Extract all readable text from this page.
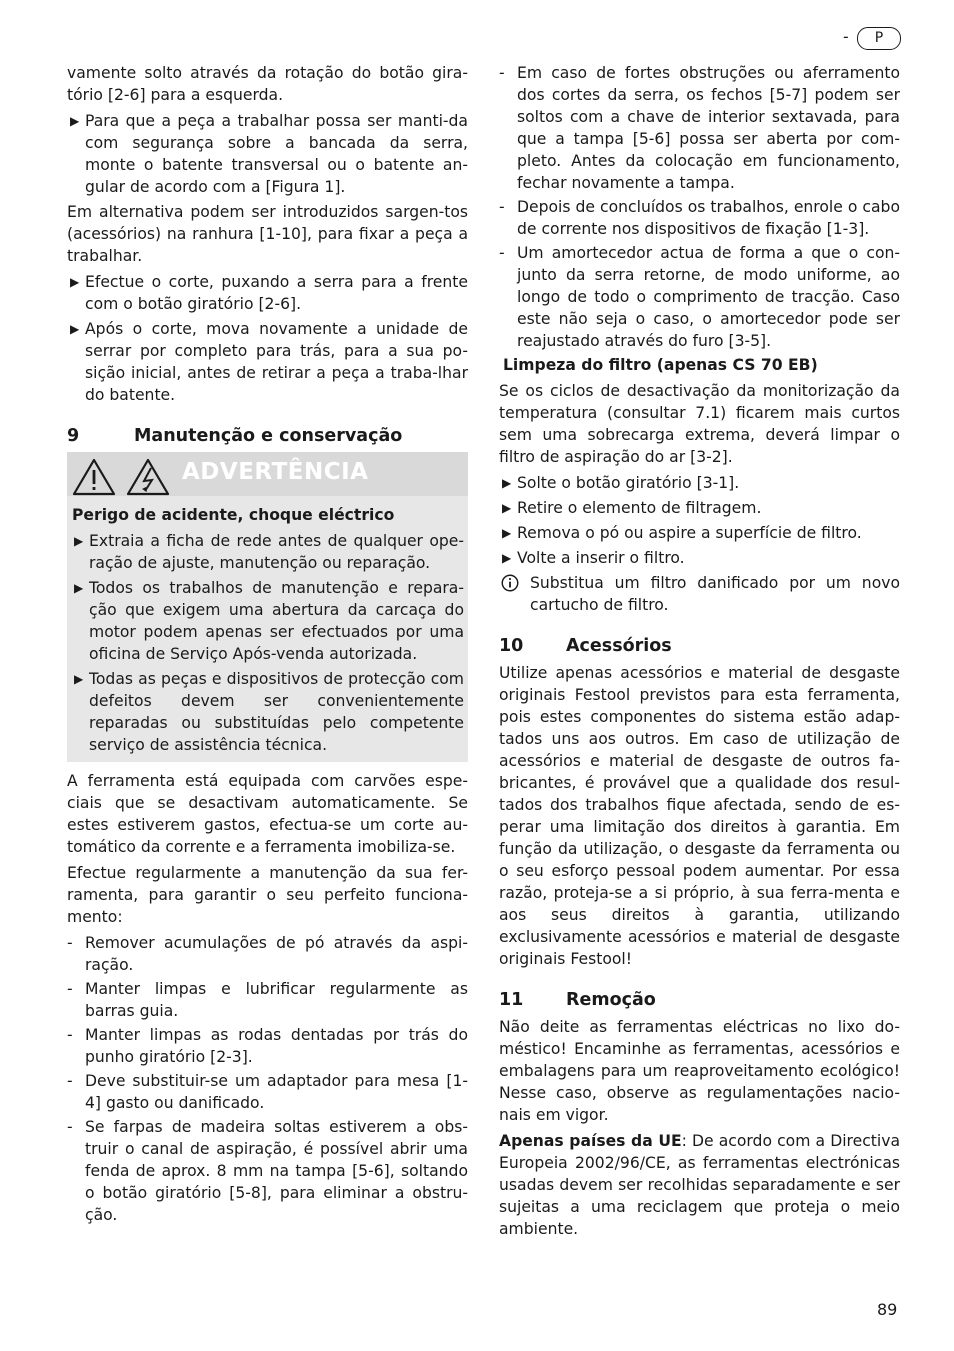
-	P

vamente solto através da rotação do botão gira-tório [2-6] para a esquerda.

▶ Para que a peça a trabalhar possa ser manti-da com segurança sobre a bancada da serra, monte o batente transversal ou o batente an-gular de acordo com a [Figura 1].

Em alternativa podem ser introduzidos sargen-tos (acessórios) na ranhura [1-10], para fixar a peça a trabalhar.

▶ Efectue o corte, puxando a serra para a frente com o botão giratório [2-6].
▶ Após o corte, mova novamente a unidade de serrar por completo para trás, para a sua po-sição inicial, antes de retirar a peça a traba-lhar do batente.
9	Manutenção e conservação
ADVERTÊNCIA
Perigo de acidente, choque eléctrico
▶ Extraia a ficha de rede antes de qualquer ope-ração de ajuste, manutenção ou reparação.
▶ Todos os trabalhos de manutenção e repara-ção que exigem uma abertura da carcaça do motor podem apenas ser efectuados por uma oficina de Serviço Após-venda autorizada.
▶ Todas as peças e dispositivos de protecção com defeitos devem ser convenientemente reparadas ou substituídas pelo competente serviço de assistência técnica.

A ferramenta está equipada com carvões espe-ciais que se desactivam automaticamente. Se estes estiverem gastos, efectua-se um corte au-tomático da corrente e a ferramenta imobiliza-se.

Efectue regularmente a manutenção da sua fer-ramenta, para garantir o seu perfeito funciona-mento:

- Remover acumulações de pó através da aspi-ração.
- Manter limpas e lubrificar regularmente as barras guia.
- Manter limpas as rodas dentadas por trás do punho giratório [2-3].
- Deve substituir-se um adaptador para mesa [1-4] gasto ou danificado.
- Se farpas de madeira soltas estiverem a obs-truir o canal de aspiração, é possível abrir uma fenda de aprox. 8 mm na tampa [5-6], soltando o botão giratório [5-8], para eliminar a obstru-ção.
- Em caso de fortes obstruções ou aferramento dos cortes da serra, os fechos [5-7] podem ser soltos com a chave de interior sextavada, para que a tampa [5-6] possa ser aberta por com-pleto. Antes da colocação em funcionamento, fechar novamente a tampa.
- Depois de concluídos os trabalhos, enrole o cabo de corrente nos dispositivos de fixação [1-3].
- Um amortecedor actua de forma a que o con-junto da serra retorne, de modo uniforme, ao longo de todo o comprimento de tracção. Caso este não seja o caso, o amortecedor pode ser reajustado através do furo [3-5].
Limpeza do filtro (apenas CS 70 EB)

Se os ciclos de desactivação da monitorização da temperatura (consultar 7.1) ficarem mais curtos sem uma sobrecarga extrema, deverá limpar o filtro de aspiração do ar [3-2].

▶ Solte o botão giratório [3-1].
▶ Retire o elemento de filtragem.
▶ Remova o pó ou aspire a superfície de filtro.
▶ Volte a inserir o filtro.
Substitua um filtro danificado por um novo cartucho de filtro.
10 Acessórios

Utilize apenas acessórios e material de desgaste originais Festool previstos para esta ferramenta, pois estes componentes do sistema estão adap-tados uns aos outros. Em caso de utilização de acessórios e material de desgaste de outros fa-bricantes, é provável que a qualidade dos resul-tados dos trabalhos fique afectada, sendo de es-perar uma limitação dos direitos à garantia. Em função da utilização, o desgaste da ferramenta ou o seu esforço pessoal podem aumentar. Por essa razão, proteja-se a si próprio, à sua ferra-menta e aos seus direitos à garantia, utilizando exclusivamente acessórios e material de desgaste originais Festool!

11 Remoção

Não deite as ferramentas eléctricas no lixo do-méstico! Encaminhe as ferramentas, acessórios e embalagens para um reaproveitamento ecológico! Nesse caso, observe as regulamentações nacio-nais em vigor.

Apenas países da UE: De acordo com a Directiva Europeia 2002/96/CE, as ferramentas electrónicas usadas devem ser recolhidas separadamente e ser sujeitas a uma reciclagem que proteja o meio ambiente.

89
